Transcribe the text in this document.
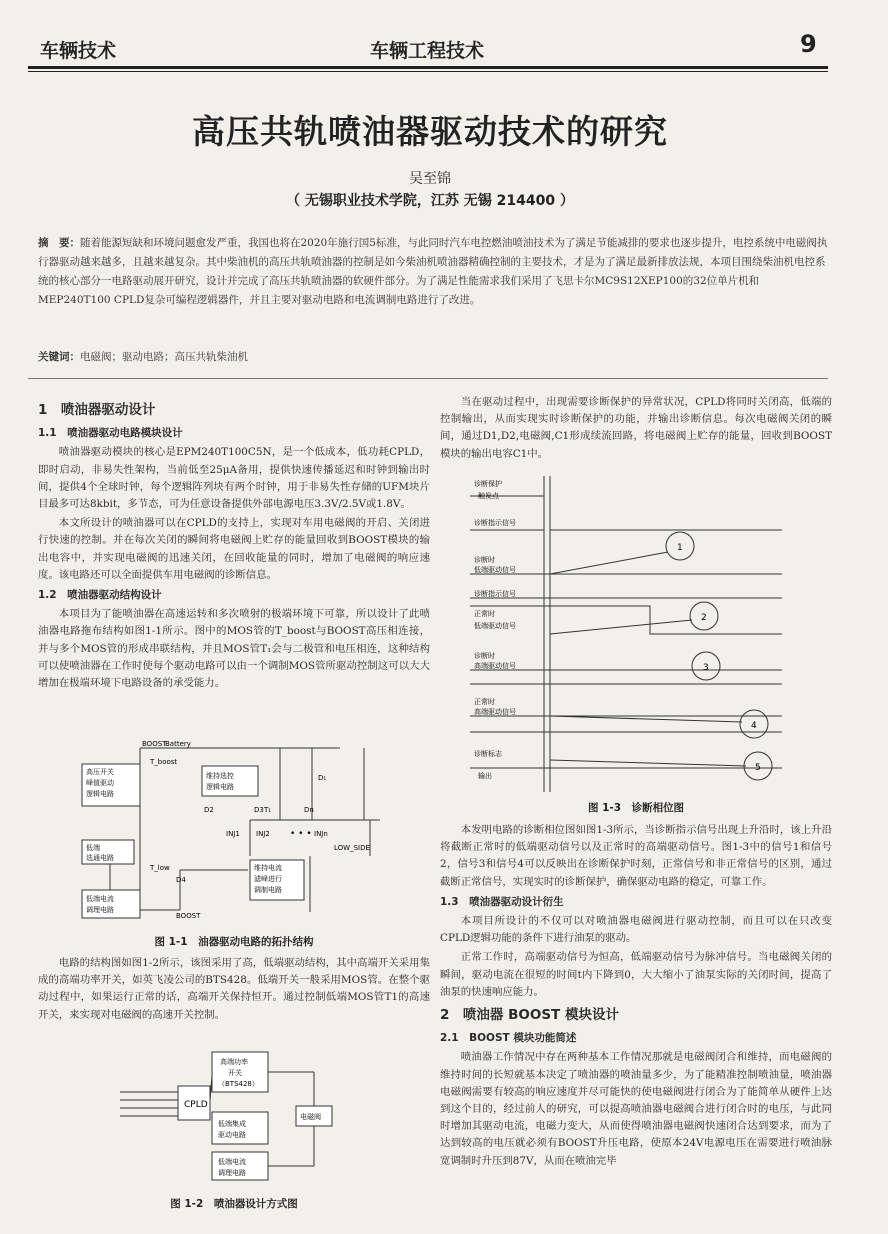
车辆技术	车辆工程技术	9
高压共轨喷油器驱动技术的研究
吴至锦
（ 无锡职业技术学院，江苏 无锡 214400 ）
摘　要：随着能源短缺和环境问题愈发严重，我国也将在2020年施行国5标准，与此同时汽车电控燃油喷油技术为了满足节能减排的要求也逐步提升，电控系统中电磁阀执行器驱动越来越多，且越来越复杂。其中柴油机的高压共轨喷油器的控制是如今柴油机喷油器精确控制的主要技术，才是为了满足最新排放法规，本项目围绕柴油机电控系统的核心部分一电路驱动展开研究，设计并完成了高压共轨喷油器的软硬件部分。为了满足性能需求我们采用了飞思卡尔MC9S12XEP100的32位单片机和MEP240T100 CPLD复杂可编程逻辑器件，并且主要对驱动电路和电流调制电路进行了改进。
关键词：电磁阀；驱动电路；高压共轨柴油机
1　喷油器驱动设计
1.1　喷油器驱动电路模块设计

喷油器驱动模块的核心是EPM240T100C5N，是一个低成本，低功耗CPLD，即时启动，非易失性架构，当前低至25μA备用，提供快速传播延迟和时钟到输出时间，提供4个全球时钟，每个逻辑阵列块有两个时钟，用于非易失性存储的UFM块片目最多可达8kbit，多节态，可为任意设备提供外部电源电压3.3V/2.5V或1.8V。

本文所设计的喷油器可以在CPLD的支持上，实现对车用电磁阀的开启、关闭进行快速的控制。并在每次关闭的瞬间将电磁阀上贮存的能量回收到BOOST模块的输出电容中，并实现电磁阀的迅速关闭，在回收能量的同时，增加了电磁阀的响应速度。该电路还可以全面提供车用电磁阀的诊断信息。

1.2　喷油器驱动结构设计

本项目为了能喷油器在高速运转和多次喷射的极端环境下可靠，所以设计了此喷油器电路拖布结构如图1-1所示。图中的MOS管的T_boost与BOOST高压相连接，并与多个MOS管的形成串联结构，并且MOS管T₁会与二极管和电压相连，这种结构可以使喷油器在工作时使每个驱动电路可以由一个调制MOS管所驱动控制这可以大大增加在极端环境下电路设备的承受能力。

BOOST
Battery
T_boost
高压开关
峰值驱动
逻辑电路
维持选控
逻辑电路
低端
选通电路
维持电流
滤峰进行
调制电路
低端电流
调理电路
T₁
D₁
D2	D3	Dn
INJ1 INJ2 • • • INJn
LOW_SIDE
T_low
D4
BOOST
图 1-1　油器驱动电路的拓扑结构

电路的结构图如图1-2所示，该图采用了高，低端驱动结构，其中高端开关采用集成的高端功率开关，如英飞凌公司的BTS428。低端开关一般采用MOS管。在整个驱动过程中，如果运行正常的话，高端开关保持恒开。通过控制低端MOS管T1的高速开关，来实现对电磁阀的高速开关控制。

CPLD
高端功率
开关
（BTS428）
低端集成
驱动电路
低端电流
调理电路
电磁阀
图 1-2　喷油器设计方式图

当在驱动过程中，出现需要诊断保护的异常状况，CPLD将同时关闭高，低端的控制输出，从而实现实时诊断保护的功能，并输出诊断信息。每次电磁阀关闭的瞬间，通过D1,D2,电磁阀,C1形成续流回路，将电磁阀上贮存的能量，回收到BOOST模块的输出电容C1中。

诊断保护
触发点
诊断指示信号
诊断时
低端驱动信号
诊断指示信号
正常时
低端驱动信号
诊断时
高端驱动信号
正常时
高端驱动信号
诊断标志
输出
1
2
3
4
5
图 1-3　诊断相位图

本发明电路的诊断相位图如图1-3所示，当诊断指示信号出现上升沿时，该上升沿将截断正常时的低端驱动信号以及正常时的高端驱动信号。图1-3中的信号1和信号2，信号3和信号4可以反映出在诊断保护时刻，正常信号和非正常信号的区别，通过截断正常信号，实现实时的诊断保护，确保驱动电路的稳定，可靠工作。

1.3　喷油器驱动设计衍生

本项目所设计的不仅可以对喷油器电磁阀进行驱动控制，而且可以在只改变CPLD逻辑功能的条件下进行油泵的驱动。

正常工作时，高端驱动信号为恒高，低端驱动信号为脉冲信号。当电磁阀关闭的瞬间，驱动电流在很短的时间t内下降到0，大大缩小了油泵实际的关闭时间，提高了油泵的快速响应能力。

2　喷油器 BOOST 模块设计
2.1　BOOST 模块功能简述

喷油器工作情况中存在两种基本工作情况那就是电磁阀闭合和维持，而电磁阀的维持时间的长短就基本决定了喷油器的喷油量多少，为了能精准控制喷油量，喷油器电磁阀需要有较高的响应速度并尽可能快的使电磁阀进行闭合为了能简单从硬件上达到这个目的，经过前人的研究，可以提高喷油器电磁阀合进行闭合时的电压，与此同时增加其驱动电流，电磁力变大，从而使得喷油器电磁阀快速闭合达到要求，而为了达到较高的电压就必须有BOOST升压电路，使原本24V电源电压在需要进行喷油脉宽调制时升压到87V，从而在喷油完毕
